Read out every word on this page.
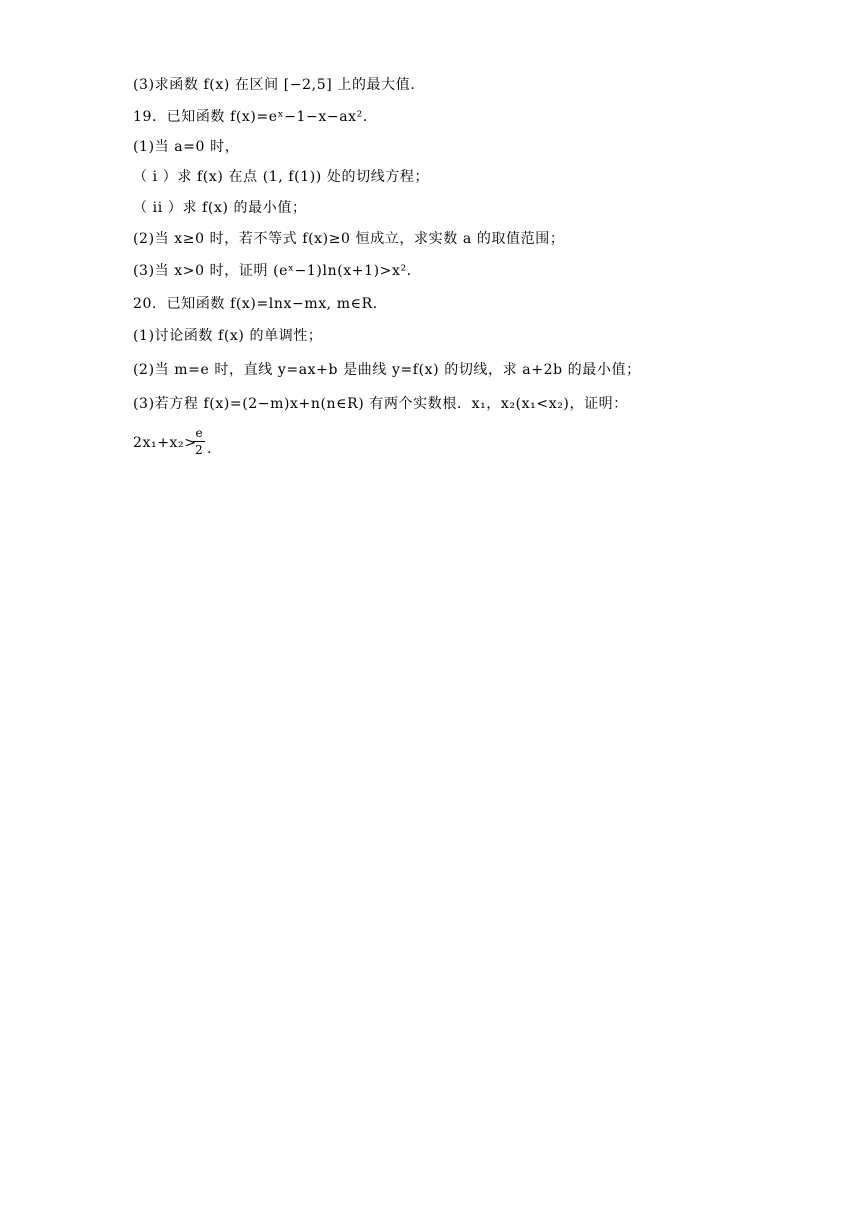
(3)求函数 f(x) 在区间 [−2,5] 上的最大值．
19．已知函数 f(x)=eˣ−1−x−ax²．
(1)当 a=0 时，
（ i ）求 f(x) 在点 (1, f(1)) 处的切线方程；
（ ii ）求 f(x) 的最小值；
(2)当 x≥0 时，若不等式 f(x)≥0 恒成立，求实数 a 的取值范围；
(3)当 x>0 时，证明 (eˣ−1)ln(x+1)>x²．
20．已知函数 f(x)=lnx−mx, m∈R．
(1)讨论函数 f(x) 的单调性；
(2)当 m=e 时，直线 y=ax+b 是曲线 y=f(x) 的切线，求 a+2b 的最小值；
(3)若方程 f(x)=(2−m)x+n(n∈R) 有两个实数根．x₁，x₂(x₁<x₂)，证明：
2x₁+x₂>
e
2 .
